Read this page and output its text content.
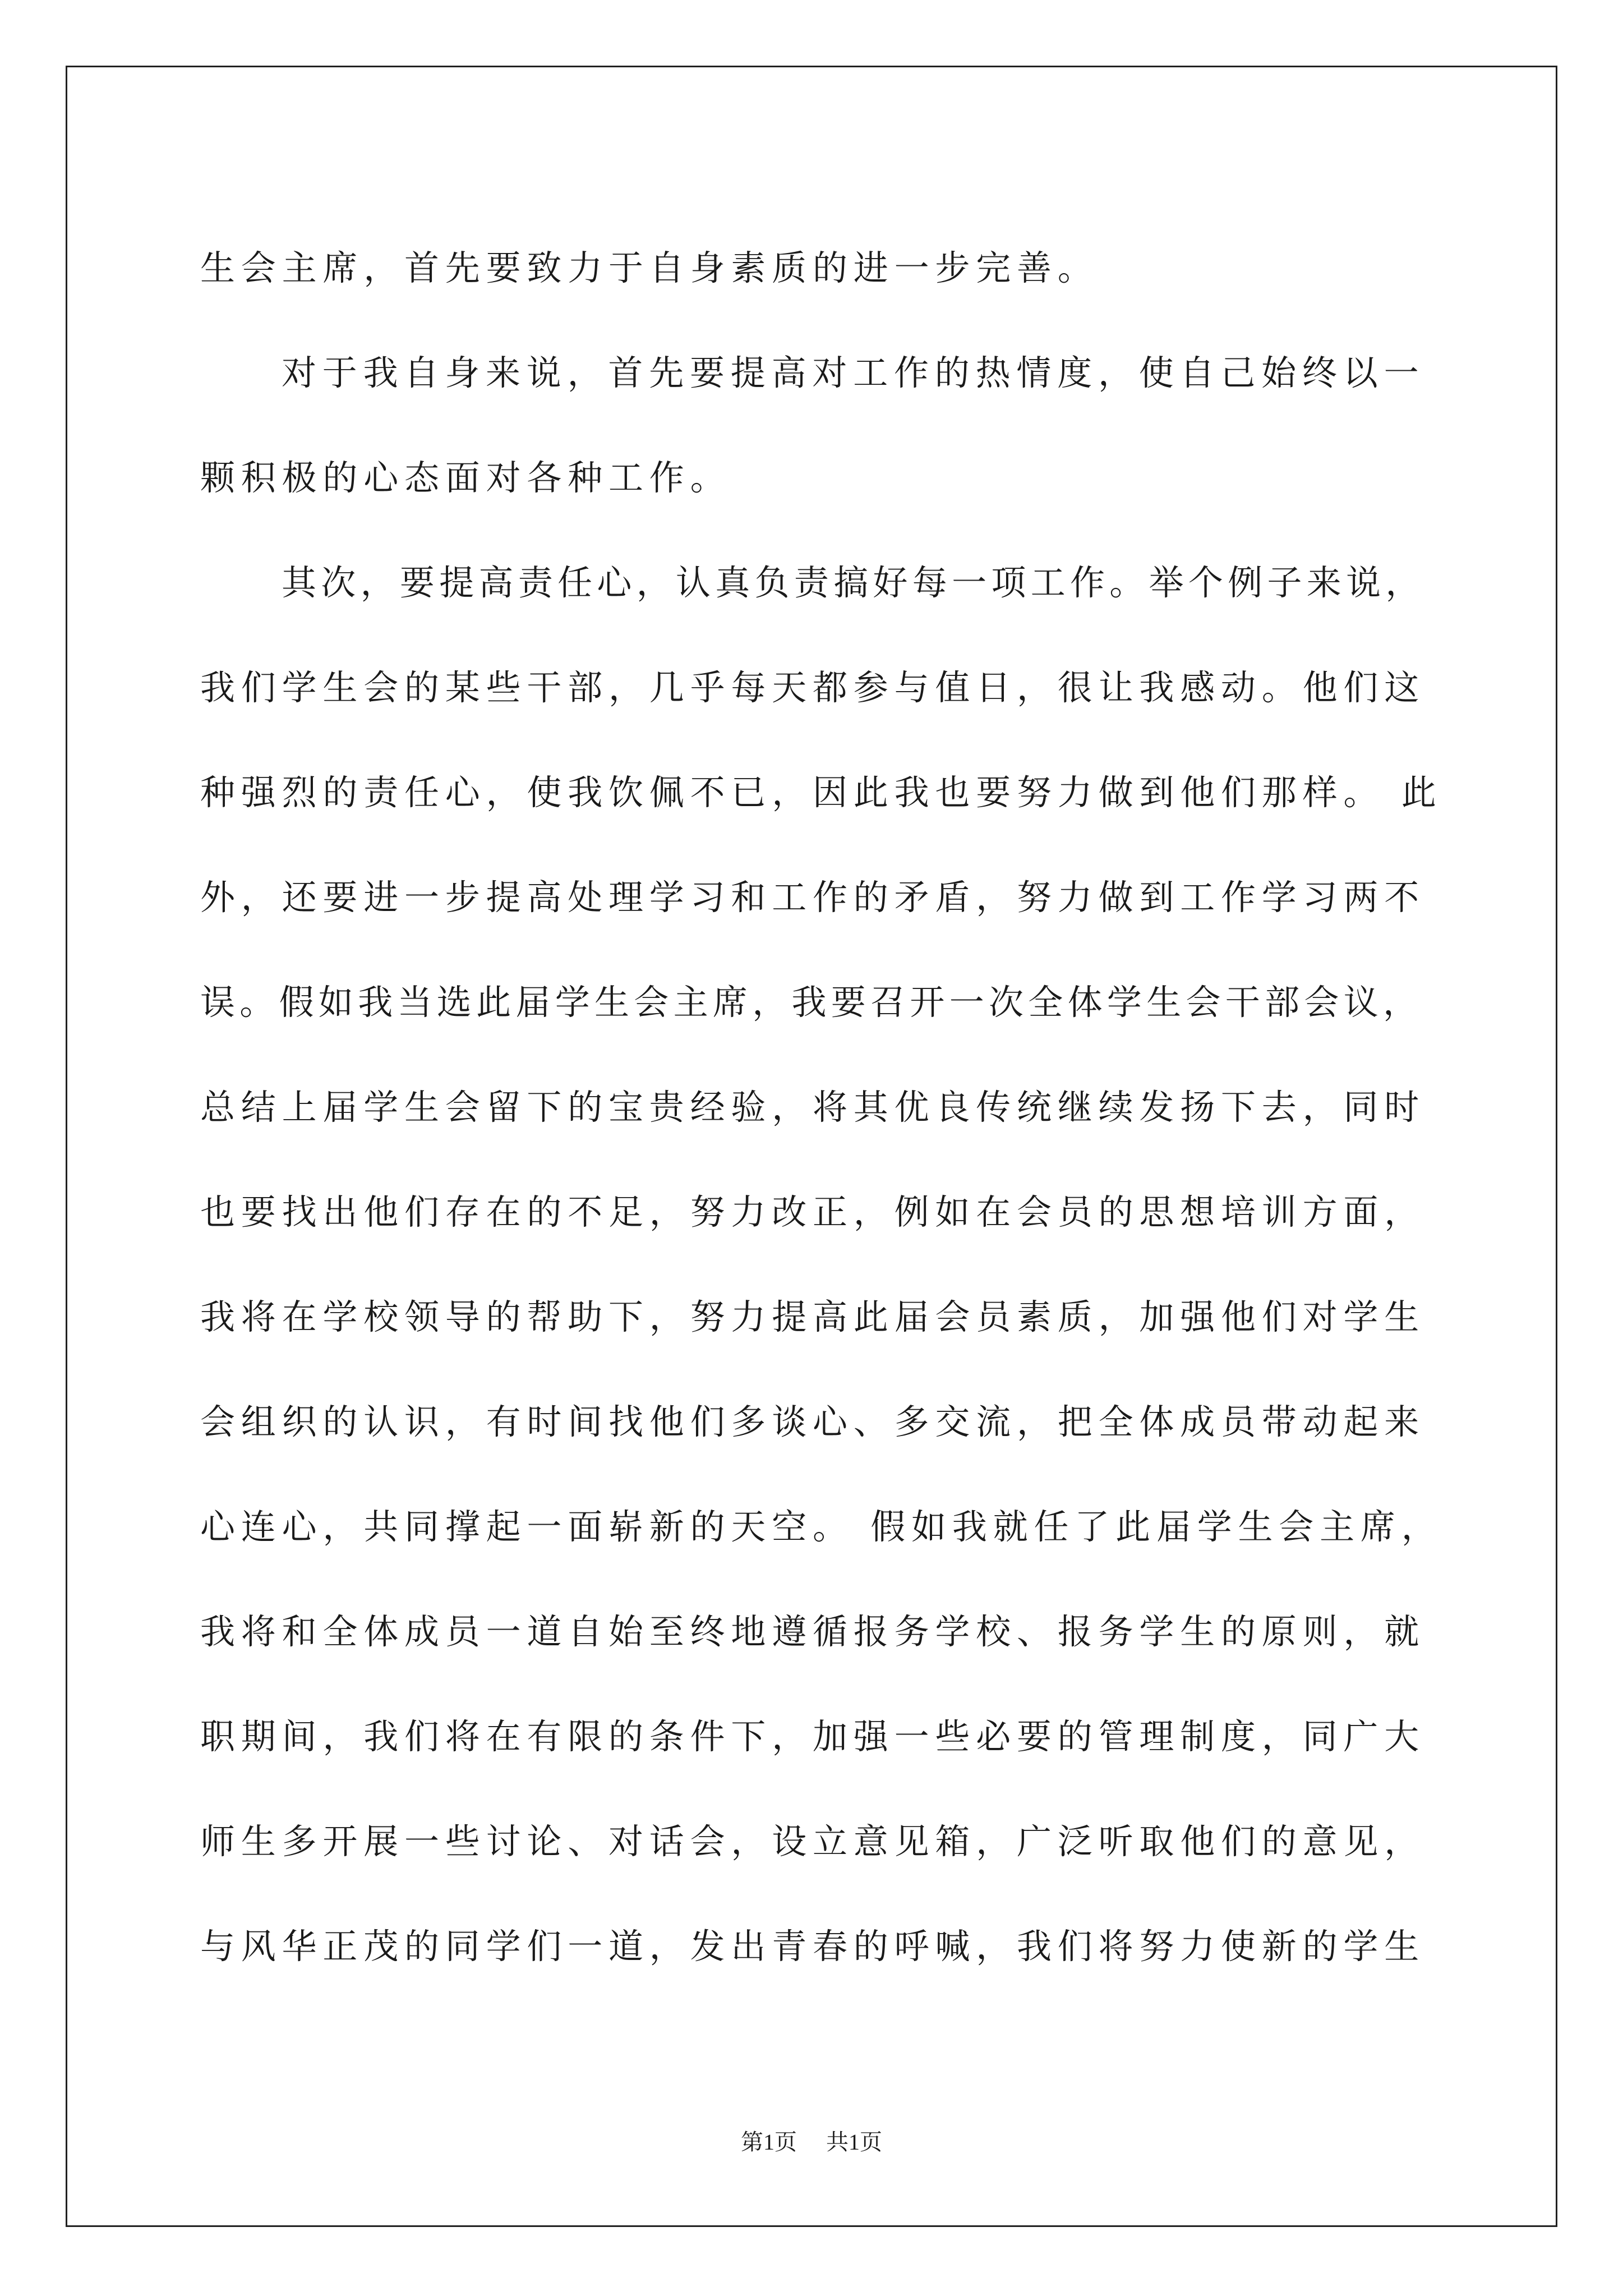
生会主席，首先要致力于自身素质的进一步完善。
对于我自身来说，首先要提高对工作的热情度，使自己始终以一
颗积极的心态面对各种工作。
其次，要提高责任心，认真负责搞好每一项工作。举个例子来说，
我们学生会的某些干部，几乎每天都参与值日，很让我感动。他们这
种强烈的责任心，使我饮佩不已，因此我也要努力做到他们那样。 此
外，还要进一步提高处理学习和工作的矛盾，努力做到工作学习两不
误。假如我当选此届学生会主席，我要召开一次全体学生会干部会议，
总结上届学生会留下的宝贵经验，将其优良传统继续发扬下去，同时
也要找出他们存在的不足，努力改正，例如在会员的思想培训方面，
我将在学校领导的帮助下，努力提高此届会员素质，加强他们对学生
会组织的认识，有时间找他们多谈心、多交流，把全体成员带动起来
心连心，共同撑起一面崭新的天空。 假如我就任了此届学生会主席，
我将和全体成员一道自始至终地遵循报务学校、报务学生的原则，就
职期间，我们将在有限的条件下，加强一些必要的管理制度，同广大
师生多开展一些讨论、对话会，设立意见箱，广泛听取他们的意见，
与风华正茂的同学们一道，发出青春的呼喊，我们将努力使新的学生
第1页 共1页
